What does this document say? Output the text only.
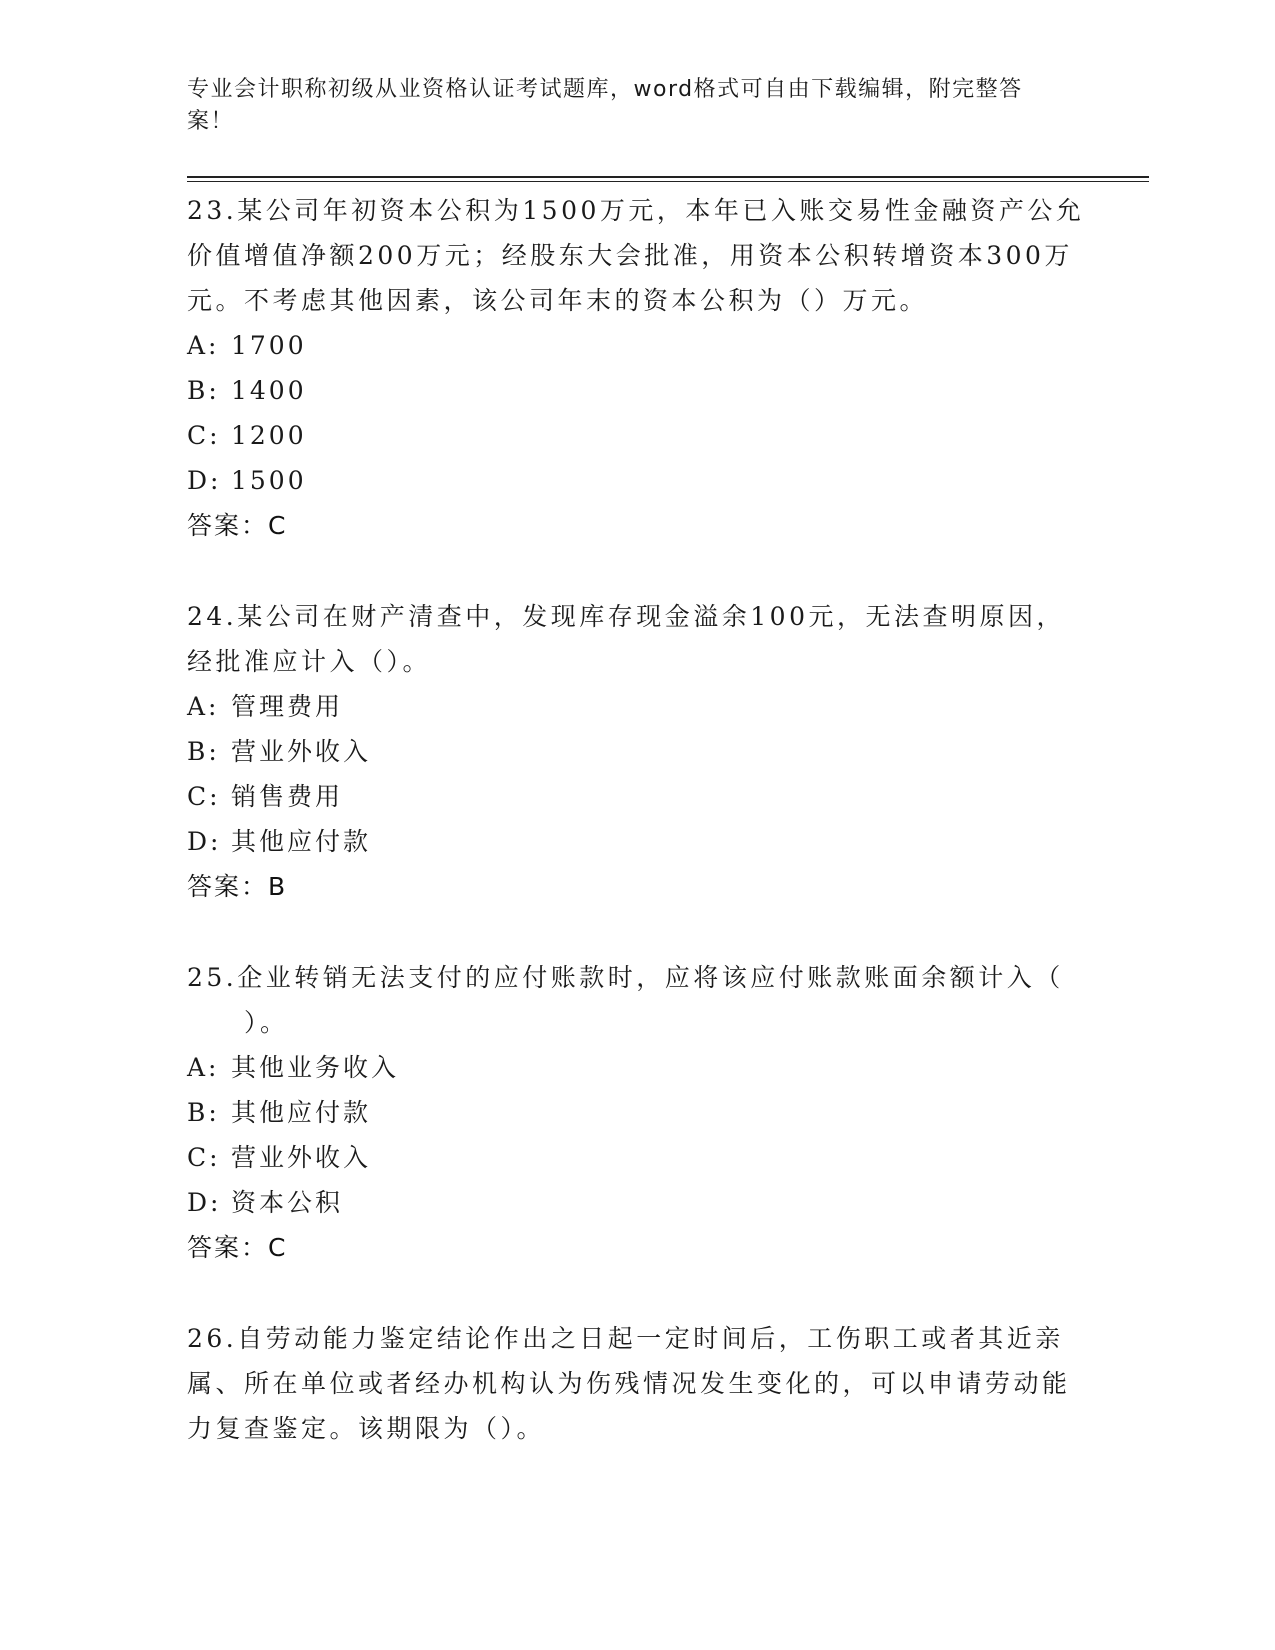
专业会计职称初级从业资格认证考试题库，word格式可自由下载编辑，附完整答案！

23.某公司年初资本公积为1500万元，本年已入账交易性金融资产公允价值增值净额200万元；经股东大会批准，用资本公积转增资本300万元。不考虑其他因素，该公司年末的资本公积为（）万元。

A: 1700

B: 1400

C: 1200

D: 1500

答案：C

24.某公司在财产清查中，发现库存现金溢余100元，无法查明原因，经批准应计入（）。

A: 管理费用

B: 营业外收入

C: 销售费用

D: 其他应付款

答案：B

25.企业转销无法支付的应付账款时，应将该应付账款账面余额计入（
　　）。

A: 其他业务收入

B: 其他应付款

C: 营业外收入

D: 资本公积

答案：C

26.自劳动能力鉴定结论作出之日起一定时间后，工伤职工或者其近亲属、所在单位或者经办机构认为伤残情况发生变化的，可以申请劳动能力复查鉴定。该期限为（）。
